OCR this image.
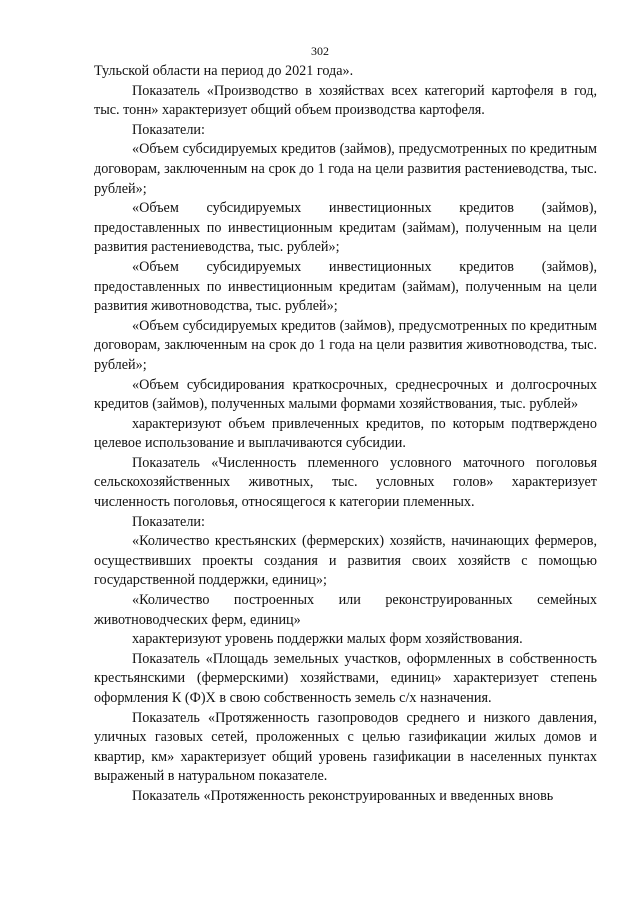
302

Тульской области на период до 2021 года».

Показатель «Производство в хозяйствах всех категорий картофеля в год, тыс. тонн» характеризует общий объем производства картофеля.

Показатели:

«Объем субсидируемых кредитов (займов), предусмотренных по кредитным договорам, заключенным на срок до 1 года на цели развития растениеводства, тыс. рублей»;

«Объем субсидируемых инвестиционных кредитов (займов), предоставленных по инвестиционным кредитам (займам), полученным на цели развития растениеводства, тыс. рублей»;

«Объем субсидируемых инвестиционных кредитов (займов), предоставленных по инвестиционным кредитам (займам), полученным на цели развития животноводства, тыс. рублей»;

«Объем субсидируемых кредитов (займов), предусмотренных по кредитным договорам, заключенным на срок до 1 года на цели развития животноводства, тыс. рублей»;

«Объем субсидирования краткосрочных, среднесрочных и долгосрочных кредитов (займов), полученных малыми формами хозяйствования, тыс. рублей»

характеризуют объем привлеченных кредитов, по которым подтверждено целевое использование и выплачиваются субсидии.

Показатель «Численность племенного условного маточного поголовья сельскохозяйственных животных, тыс. условных голов» характеризует численность поголовья, относящегося к категории племенных.

Показатели:

«Количество крестьянских (фермерских) хозяйств, начинающих фермеров, осуществивших проекты создания и развития своих хозяйств с помощью государственной поддержки, единиц»;

«Количество построенных или реконструированных семейных животноводческих ферм, единиц»

характеризуют уровень поддержки малых форм хозяйствования.

Показатель «Площадь земельных участков, оформленных в собственность крестьянскими (фермерскими) хозяйствами, единиц» характеризует степень оформления К (Ф)Х в свою собственность земель с/х назначения.

Показатель «Протяженность газопроводов среднего и низкого давления, уличных газовых сетей, проложенных с целью газификации жилых домов и квартир, км» характеризует общий уровень газификации в населенных пунктах выраженый в натуральном показателе.

Показатель «Протяженность реконструированных и введенных вновь
